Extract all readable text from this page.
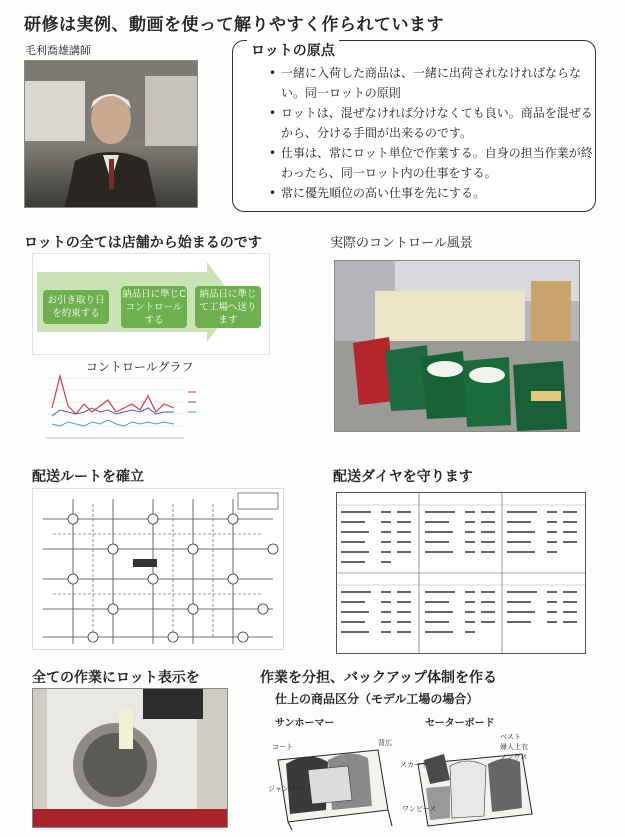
研修は実例、動画を使って解りやすく作られています
毛利喬雄講師	ロットの原点
• 一緒に入荷した商品は、一緒に出荷されなければならない。同一ロットの原則
• ロットは、混ぜなければ分けなくても良い。商品を混ぜるから、分ける手間が出来るのです。
• 仕事は、常にロット単位で作業する。自身の担当作業が終わったら、同一ロット内の仕事をする。
• 常に優先順位の高い仕事を先にする。
ロットの全ては店舗から始まるのです
お引き取り日を約束する
納品日に準じCコントロールする
納品日に準じて工場へ送ります
コントロールグラフ
実際のコントロール風景
配送ルートを確立	配送ダイヤを守ります
全ての作業にロット表示を	作業を分担、バックアップ体制を作る
仕上の商品区分（モデル工場の場合）
サンホーマー	セーターボード
コート
ジャンパー
背広
ベスト
婦人上衣
ノンヴス
スカート
ワンピース
